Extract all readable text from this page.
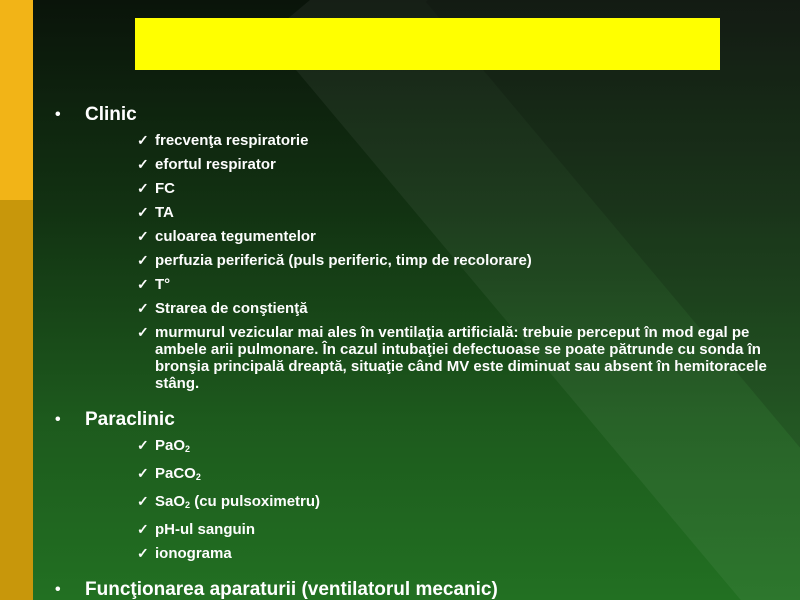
• Clinic
✓ frecvenţa respiratorie
✓ efortul respirator
✓ FC
✓ TA
✓ culoarea tegumentelor
✓ perfuzia periferică (puls periferic, timp de recolorare)
✓ T°
✓ Strarea de conştienţă
✓ murmurul vezicular mai ales în ventilaţia artificială: trebuie perceput în mod egal pe ambele arii pulmonare. În cazul intubaţiei defectuoase se poate pătrunde cu sonda în bronşia principală dreaptă, situaţie când MV este diminuat sau absent în hemitoracele stâng.
• Paraclinic
✓ PaO$_2$
✓ PaCO$_2$
✓ SaO$_2$ (cu pulsoximetru)
✓ pH-ul sanguin
✓ ionograma
• Funcţionarea aparaturii (ventilatorul mecanic)
